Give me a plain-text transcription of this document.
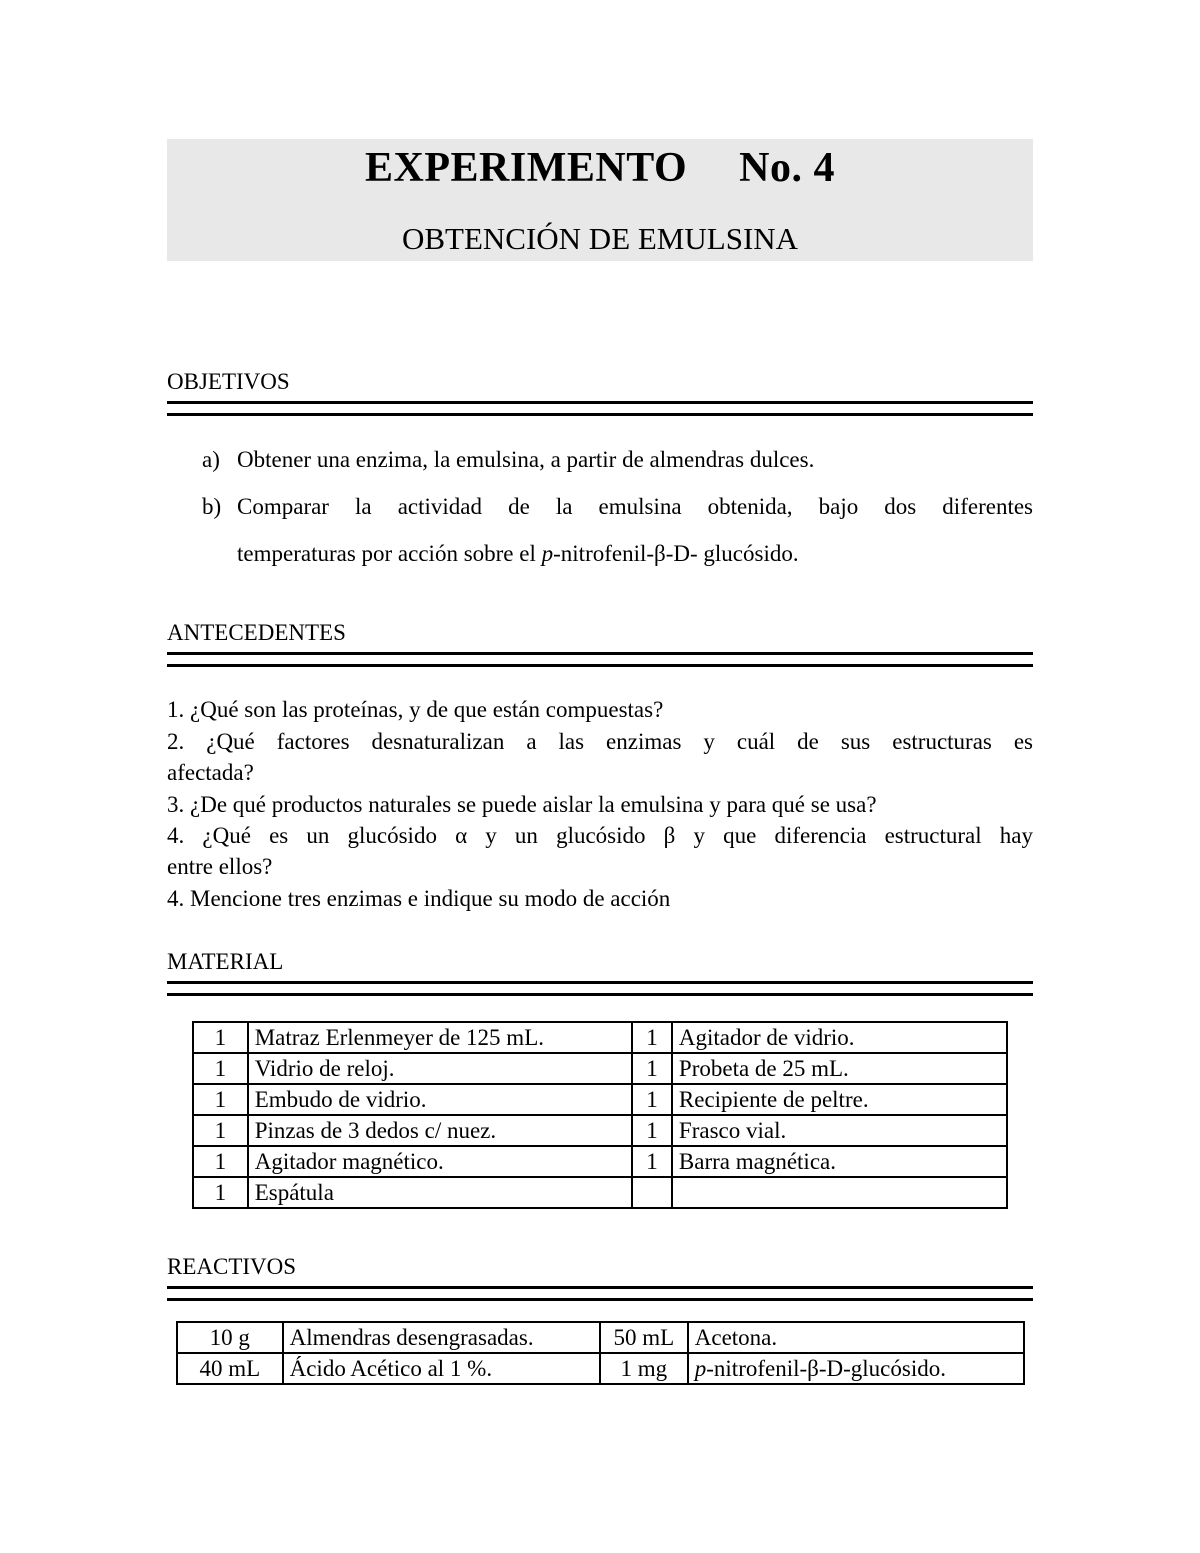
EXPERIMENTO No. 4
OBTENCIÓN DE EMULSINA
OBJETIVOS
a) Obtener una enzima, la emulsina, a partir de almendras dulces.
b) Comparar la actividad de la emulsina obtenida, bajo dos diferentes
temperaturas por acción sobre el p-nitrofenil-β-D- glucósido.
ANTECEDENTES
1. ¿Qué son las proteínas, y de que están compuestas?
2. ¿Qué factores desnaturalizan a las enzimas y cuál de sus estructuras es
afectada?
3. ¿De qué productos naturales se puede aislar la emulsina y para qué se usa?
4. ¿Qué es un glucósido α y un glucósido β y que diferencia estructural hay
entre ellos?
4. Mencione tres enzimas e indique su modo de acción
MATERIAL
1	Matraz Erlenmeyer de 125 mL.	1	Agitador de vidrio.
1	Vidrio de reloj.	1	Probeta de 25 mL.
1	Embudo de vidrio.	1	Recipiente de peltre.
1	Pinzas de 3 dedos c/ nuez.	1	Frasco vial.
1	Agitador magnético.	1	Barra magnética.
1	Espátula		
REACTIVOS
10 g	Almendras desengrasadas.	50 mL	Acetona.
40 mL	Ácido Acético al 1 %.	1 mg	p-nitrofenil-β-D-glucósido.
